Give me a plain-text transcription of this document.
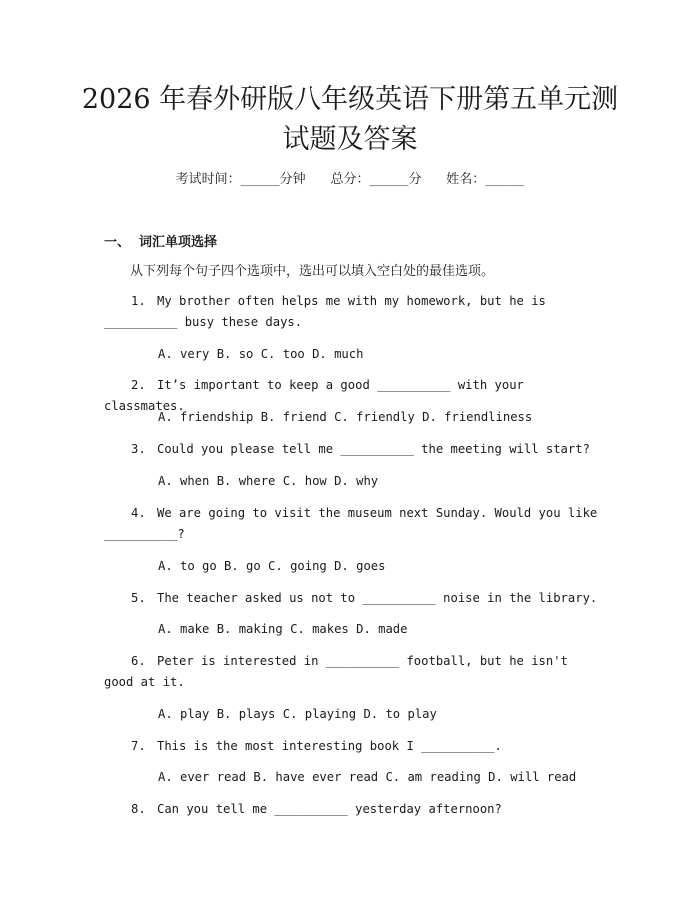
2026 年春外研版八年级英语下册第五单元测
试题及答案
考试时间：______分钟 总分：______分 姓名：______
一、  词汇单项选择
从下列每个句子四个选项中，选出可以填入空白处的最佳选项。
1. My brother often helps me with my homework, but he is __________ busy these days.
A. very B. so C. too D. much
2. It’s important to keep a good __________ with your classmates.
A. friendship B. friend C. friendly D. friendliness
3. Could you please tell me __________ the meeting will start?
A. when B. where C. how D. why
4. We are going to visit the museum next Sunday. Would you like __________?
A. to go B. go C. going D. goes
5. The teacher asked us not to __________ noise in the library.
A. make B. making C. makes D. made
6. Peter is interested in __________ football, but he isn't good at it.
A. play B. plays C. playing D. to play
7. This is the most interesting book I __________.
A. ever read B. have ever read C. am reading D. will read
8. Can you tell me __________ yesterday afternoon?
